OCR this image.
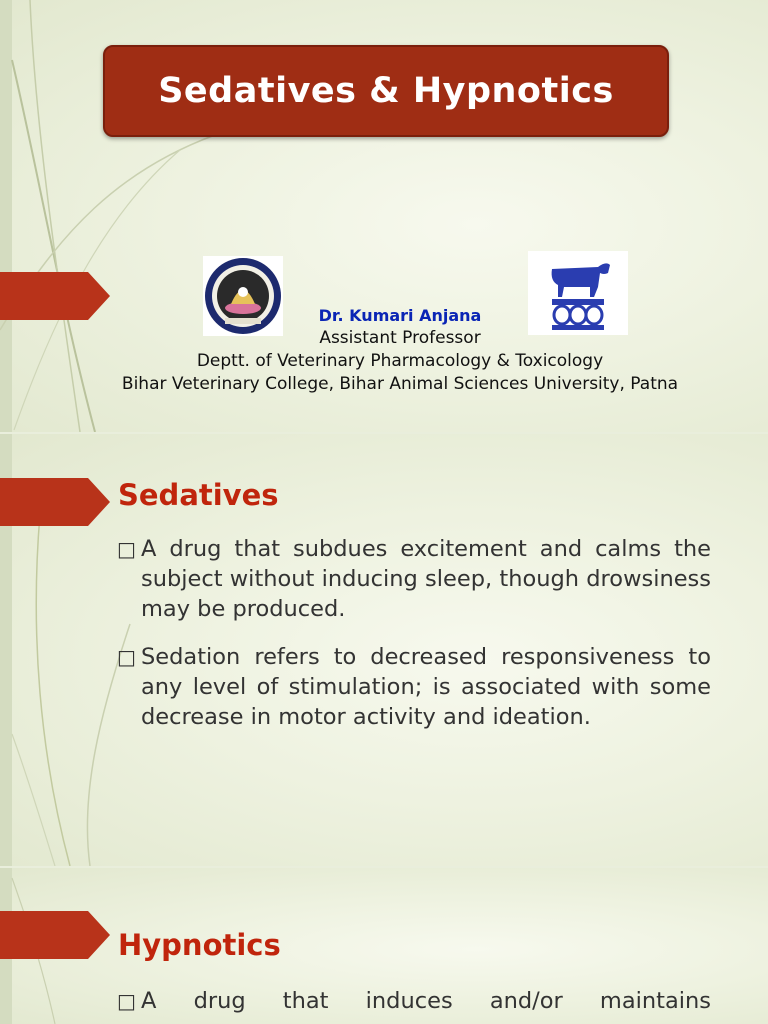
Sedatives & Hypnotics
Dr. Kumari Anjana
Assistant Professor
Deptt. of Veterinary Pharmacology & Toxicology
Bihar Veterinary College, Bihar Animal Sciences University, Patna
Sedatives
□ A drug that subdues excitement and calms the subject without inducing sleep, though drowsiness may be produced.
□ Sedation refers to decreased responsiveness to any level of stimulation; is associated with some decrease in motor activity and ideation.
Hypnotics
□ A drug that induces and/or maintains
